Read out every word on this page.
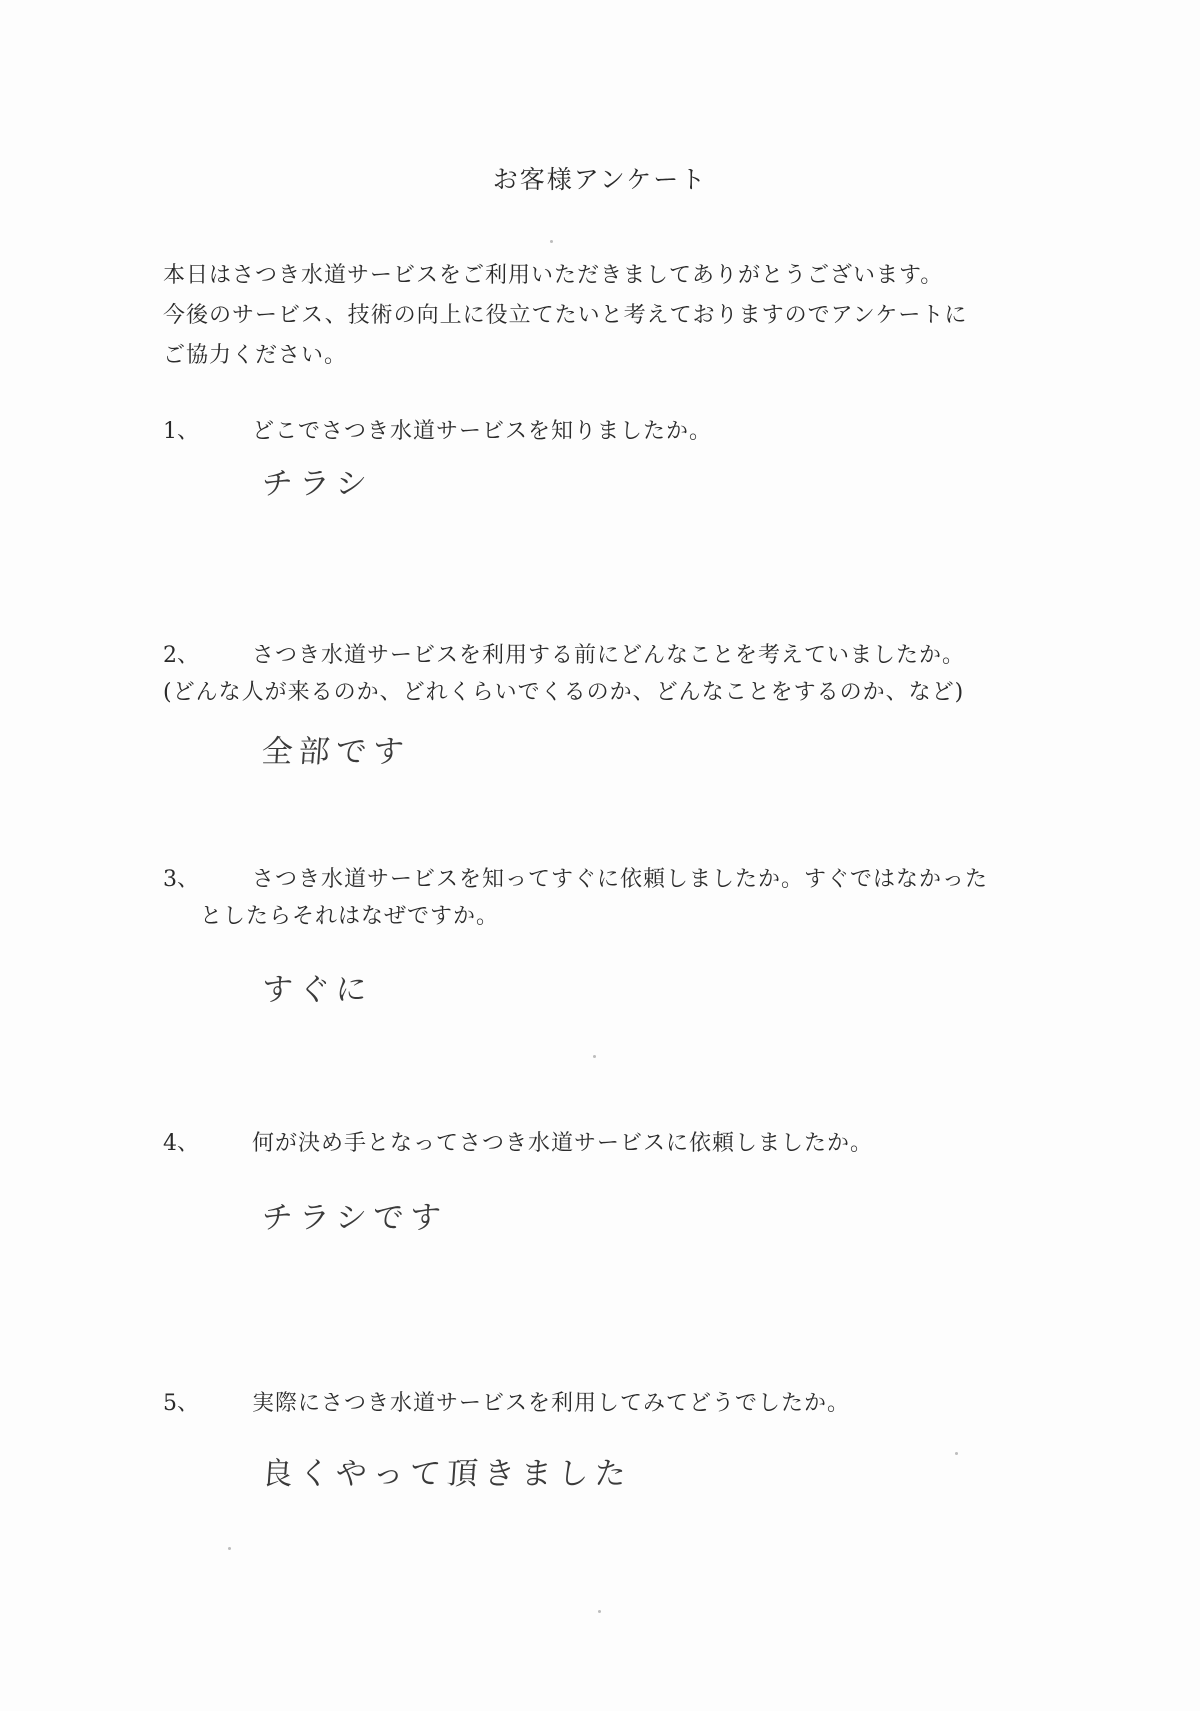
お客様アンケート
本日はさつき水道サービスをご利用いただきましてありがとうございます。
今後のサービス、技術の向上に役立てたいと考えておりますのでアンケートに
ご協力ください。
1、 どこでさつき水道サービスを知りましたか。
チラシ
2、 さつき水道サービスを利用する前にどんなことを考えていましたか。
(どんな人が来るのか、どれくらいでくるのか、どんなことをするのか、など)
全部です
3、 さつき水道サービスを知ってすぐに依頼しましたか。すぐではなかった
としたらそれはなぜですか。
すぐに
4、 何が決め手となってさつき水道サービスに依頼しましたか。
チラシです
5、 実際にさつき水道サービスを利用してみてどうでしたか。
良くやって頂きました
